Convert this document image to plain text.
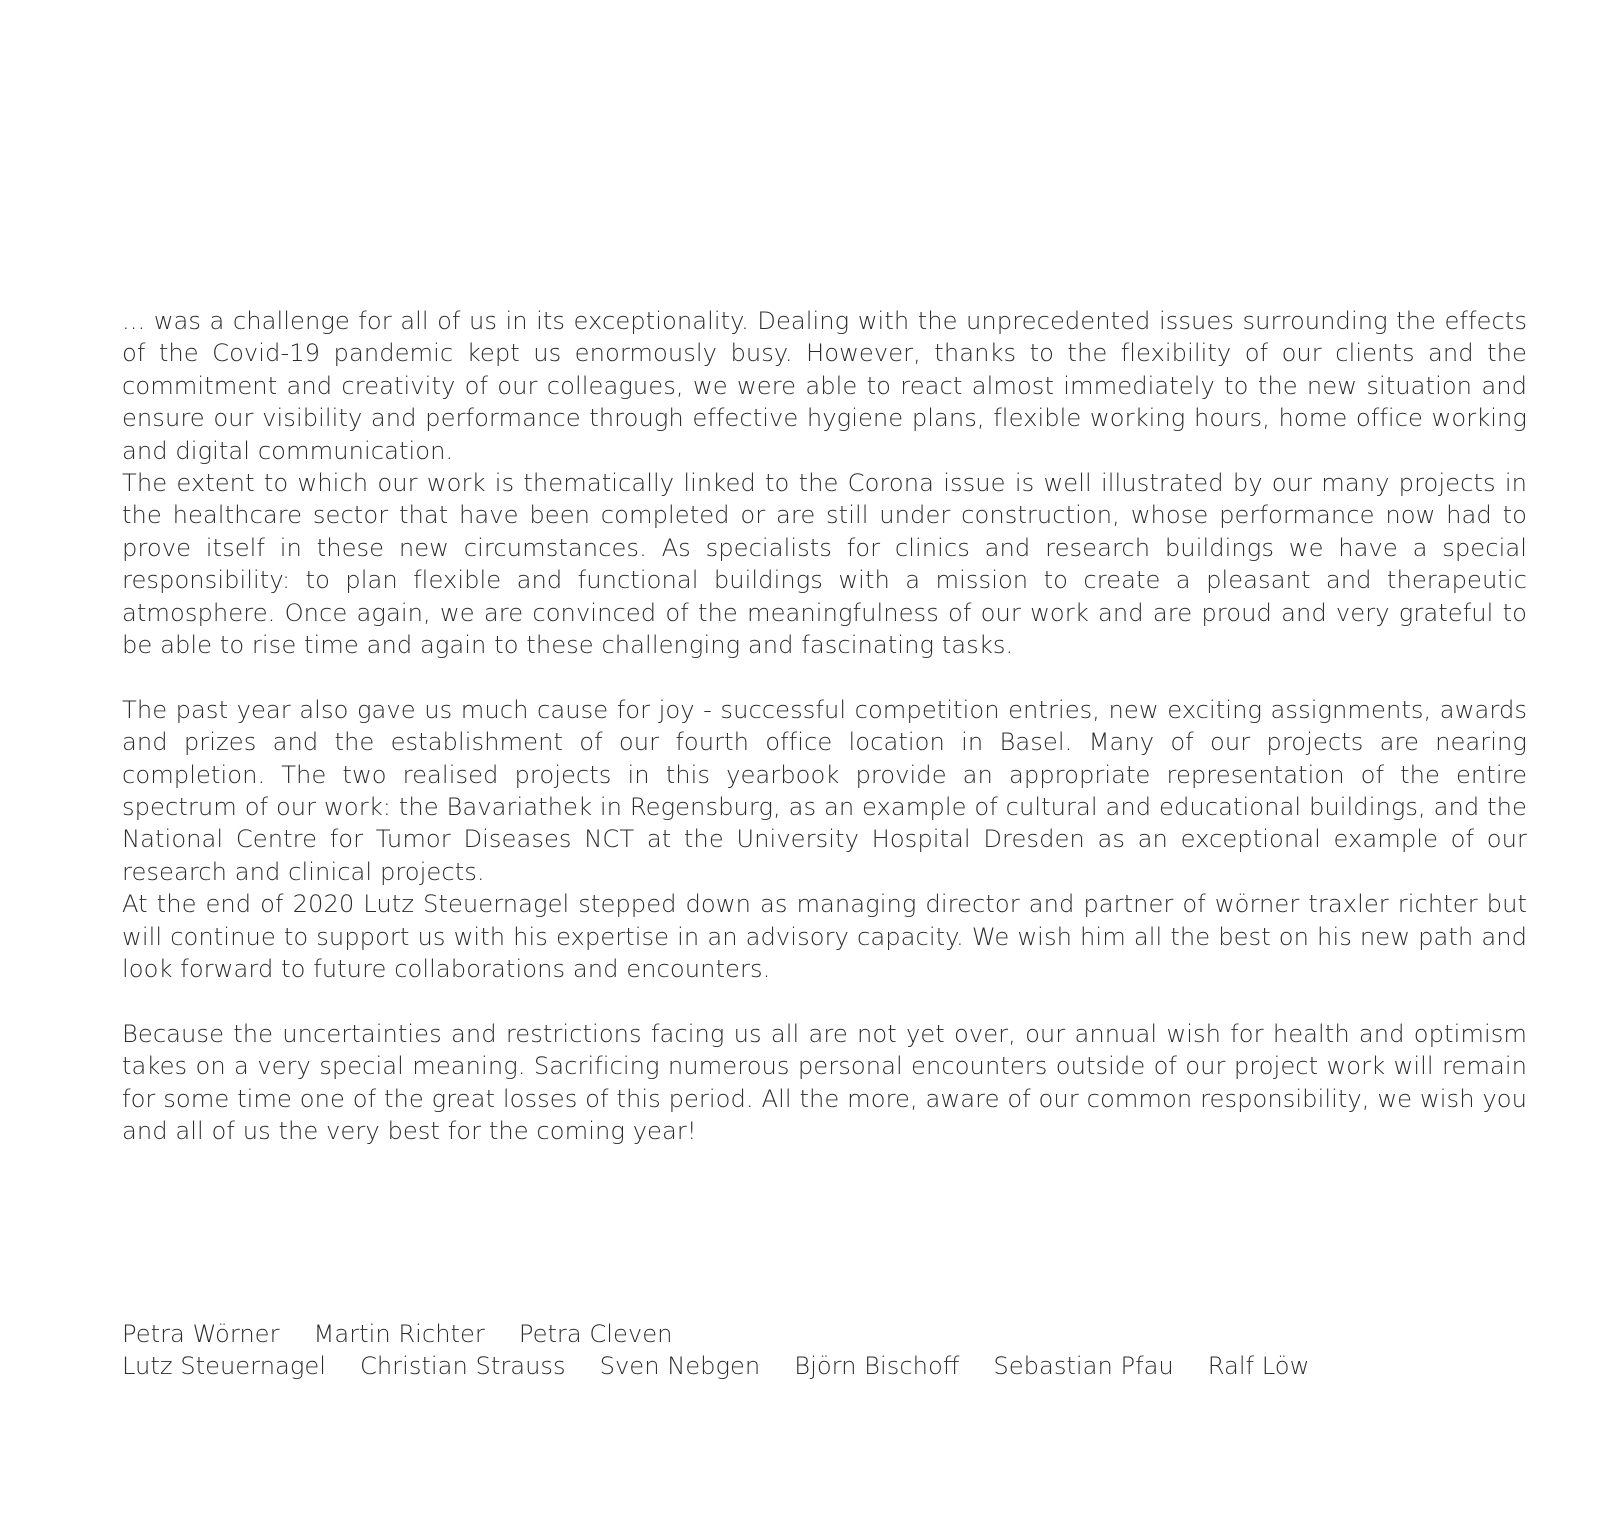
... was a challenge for all of us in its exceptionality. Dealing with the unprecedented issues surrounding the effects of the Covid-19 pandemic kept us enormously busy. However, thanks to the flexibility of our clients and the commitment and creativity of our colleagues, we were able to react almost immediately to the new situation and ensure our visibility and performance through effective hygiene plans, flexible working hours, home office working and digital communication.

The extent to which our work is thematically linked to the Corona issue is well illustrated by our many projects in the healthcare sector that have been completed or are still under construction, whose performance now had to prove itself in these new circumstances. As specialists for clinics and research buildings we have a special responsibility: to plan flexible and functional buildings with a mission to create a pleasant and therapeutic atmosphere. Once again, we are convinced of the meaningfulness of our work and are proud and very grateful to be able to rise time and again to these challenging and fascinating tasks.

The past year also gave us much cause for joy - successful competition entries, new exciting assignments, awards and prizes and the establishment of our fourth office location in Basel. Many of our projects are nearing completion. The two realised projects in this yearbook provide an appropriate representation of the entire spectrum of our work: the Bavariathek in Regensburg, as an example of cultural and educational buildings, and the National Centre for Tumor Diseases NCT at the University Hospital Dresden as an exceptional example of our research and clinical projects.

At the end of 2020 Lutz Steuernagel stepped down as managing director and partner of wörner traxler richter but will continue to support us with his expertise in an advisory capacity. We wish him all the best on his new path and look forward to future collaborations and encounters.

Because the uncertainties and restrictions facing us all are not yet over, our annual wish for health and optimism takes on a very special meaning. Sacrificing numerous personal encounters outside of our project work will remain for some time one of the great losses of this period. All the more, aware of our common responsibility, we wish you and all of us the very best for the coming year!

Petra Wörner Martin Richter Petra Cleven
Lutz Steuernagel Christian Strauss Sven Nebgen Björn Bischoff Sebastian Pfau Ralf Löw
